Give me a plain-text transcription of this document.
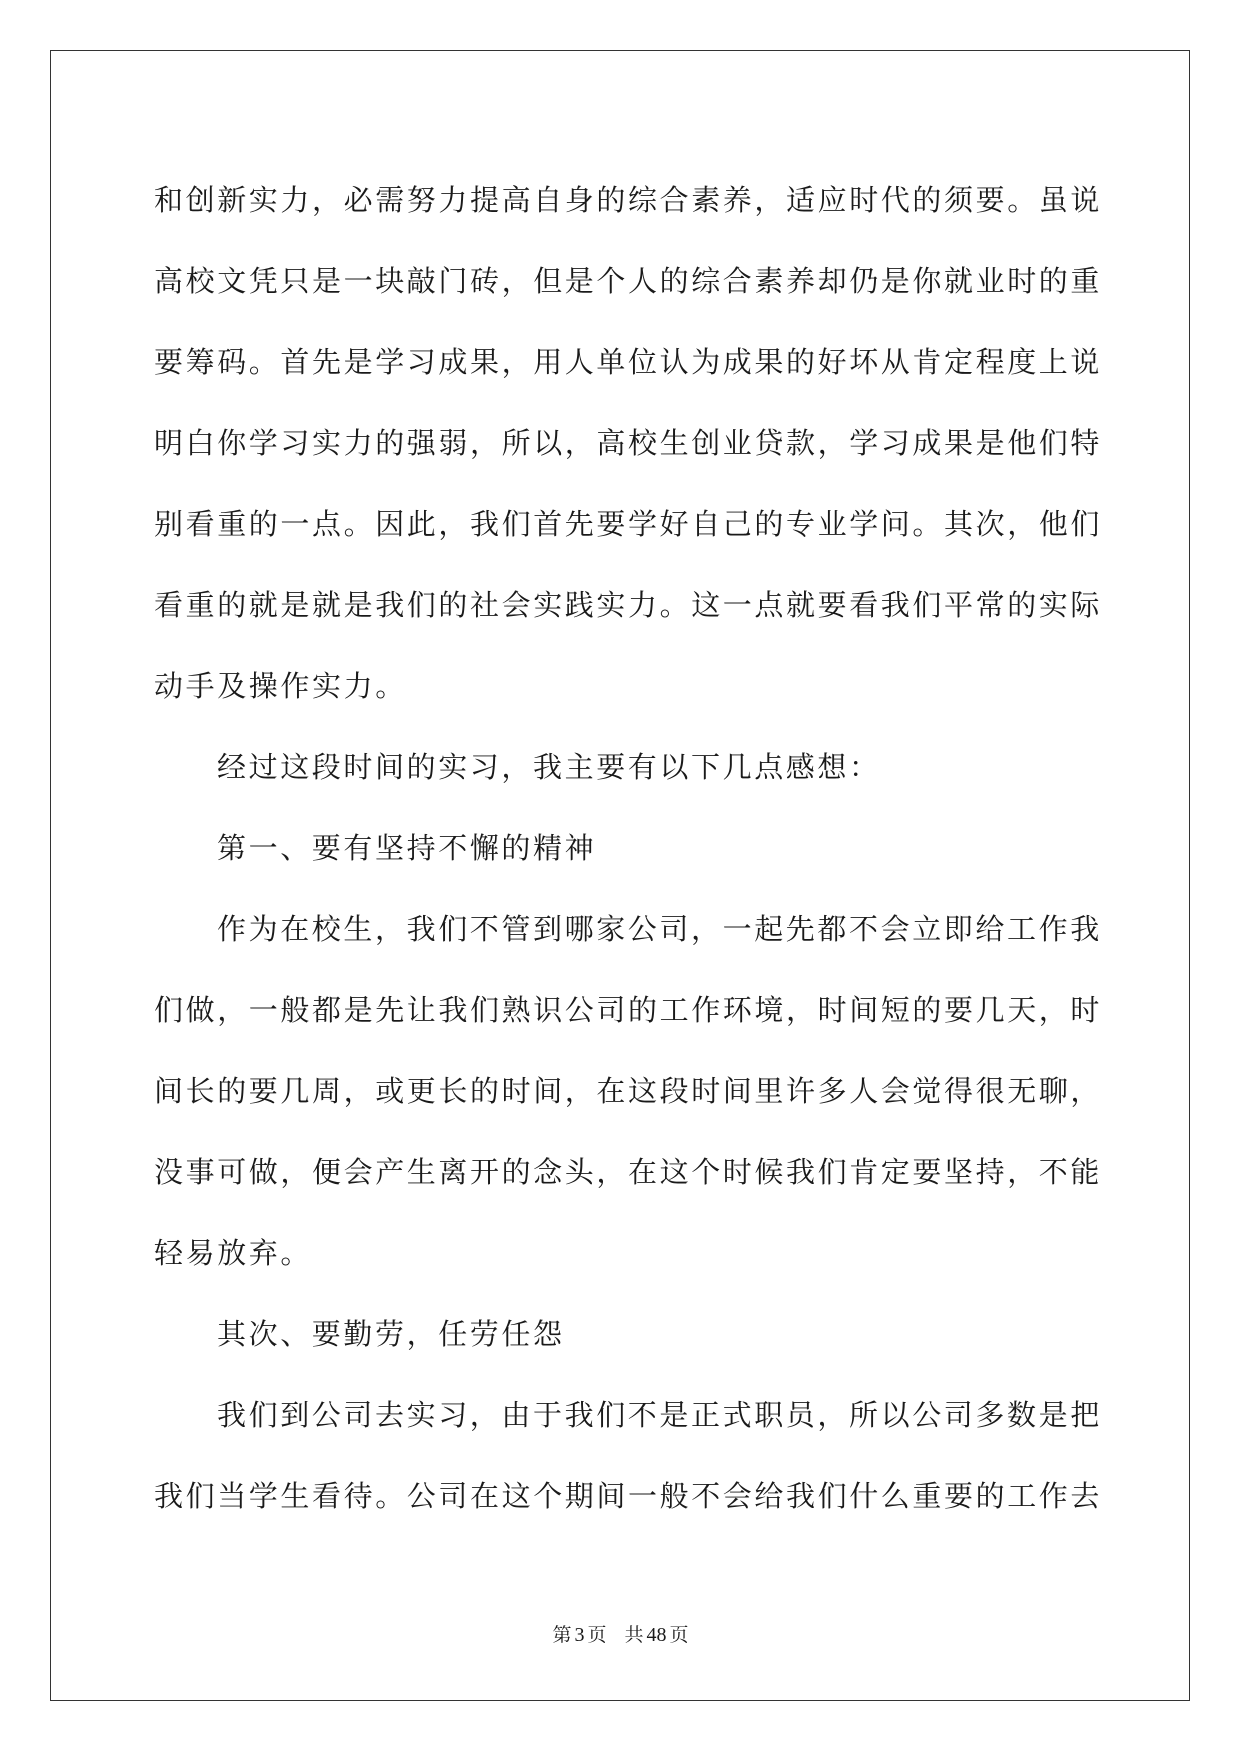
和创新实力，必需努力提高自身的综合素养，适应时代的须要。虽说

高校文凭只是一块敲门砖，但是个人的综合素养却仍是你就业时的重

要筹码。首先是学习成果，用人单位认为成果的好坏从肯定程度上说

明白你学习实力的强弱，所以，高校生创业贷款，学习成果是他们特

别看重的一点。因此，我们首先要学好自己的专业学问。其次，他们

看重的就是就是我们的社会实践实力。这一点就要看我们平常的实际

动手及操作实力。

经过这段时间的实习，我主要有以下几点感想：

第一、要有坚持不懈的精神

作为在校生，我们不管到哪家公司，一起先都不会立即给工作我

们做，一般都是先让我们熟识公司的工作环境，时间短的要几天，时

间长的要几周，或更长的时间，在这段时间里许多人会觉得很无聊，

没事可做，便会产生离开的念头，在这个时候我们肯定要坚持，不能

轻易放弃。

其次、要勤劳，任劳任怨

我们到公司去实习，由于我们不是正式职员，所以公司多数是把

我们当学生看待。公司在这个期间一般不会给我们什么重要的工作去

第 3 页 共 48 页
